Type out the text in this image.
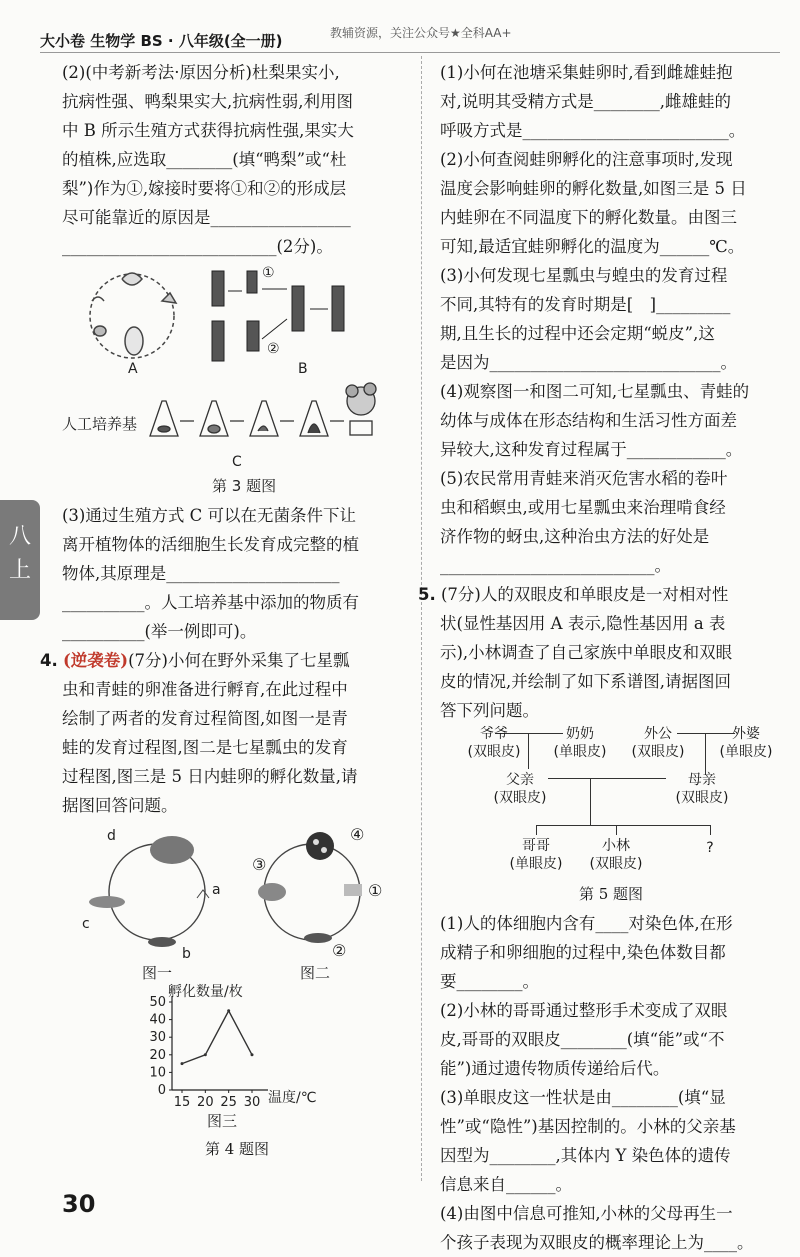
大小卷 生物学 BS · 八年级(全一册)	教辅资源，关注公众号★全科AA+
八
上
(2)(中考新考法·原因分析)杜梨果实小,
抗病性强、鸭梨果实大,抗病性弱,利用图
中 B 所示生殖方式获得抗病性强,果实大
的植株,应选取________(填“鸭梨”或“杜
梨”)作为①,嫁接时要将①和②的形成层
尽可能靠近的原因是_________________
__________________________(2分)。
A
①
②
B
人工培养基
C
第 3 题图
(3)通过生殖方式 C 可以在无菌条件下让
离开植物体的活细胞生长发育成完整的植
物体,其原理是_____________________
__________。人工培养基中添加的物质有
__________(举一例即可)。
4. (逆袭卷)(7分)小何在野外采集了七星瓢
虫和青蛙的卵准备进行孵育,在此过程中
绘制了两者的发育过程简图,如图一是青
蛙的发育过程图,图二是七星瓢虫的发育
过程图,图三是 5 日内蛙卵的孵化数量,请
据图回答问题。
d
a
b
c
图一
④
③
①
②
图二
孵化数量/枚
温度/℃
0
10
20
30
40
50
15 20 25 30
图三
第 4 题图
(1)小何在池塘采集蛙卵时,看到雌雄蛙抱
对,说明其受精方式是________,雌雄蛙的
呼吸方式是_________________________。
(2)小何查阅蛙卵孵化的注意事项时,发现
温度会影响蛙卵的孵化数量,如图三是 5 日
内蛙卵在不同温度下的孵化数量。由图三
可知,最适宜蛙卵孵化的温度为______℃。
(3)小何发现七星瓢虫与蝗虫的发育过程
不同,其特有的发育时期是[　]_________
期,且生长的过程中还会定期“蜕皮”,这
是因为____________________________。
(4)观察图一和图二可知,七星瓢虫、青蛙的
幼体与成体在形态结构和生活习性方面差
异较大,这种发育过程属于____________。
(5)农民常用青蛙来消灭危害水稻的卷叶
虫和稻螟虫,或用七星瓢虫来治理啃食经
济作物的蚜虫,这种治虫方法的好处是
__________________________。
5. (7分)人的双眼皮和单眼皮是一对相对性
状(显性基因用 A 表示,隐性基因用 a 表
示),小林调查了自己家族中单眼皮和双眼
皮的情况,并绘制了如下系谱图,请据图回
答下列问题。
爷爷
(双眼皮)
奶奶
(单眼皮)
外公
(双眼皮)
外婆
(单眼皮)
父亲
(双眼皮)
母亲
(双眼皮)
哥哥
(单眼皮)
小林
(双眼皮)
?
第 5 题图
(1)人的体细胞内含有____对染色体,在形
成精子和卵细胞的过程中,染色体数目都
要________。
(2)小林的哥哥通过整形手术变成了双眼
皮,哥哥的双眼皮________(填“能”或“不
能”)通过遗传物质传递给后代。
(3)单眼皮这一性状是由________(填“显
性”或“隐性”)基因控制的。小林的父亲基
因型为________,其体内 Y 染色体的遗传
信息来自______。
(4)由图中信息可推知,小林的父母再生一
个孩子表现为双眼皮的概率理论上为____。
30
